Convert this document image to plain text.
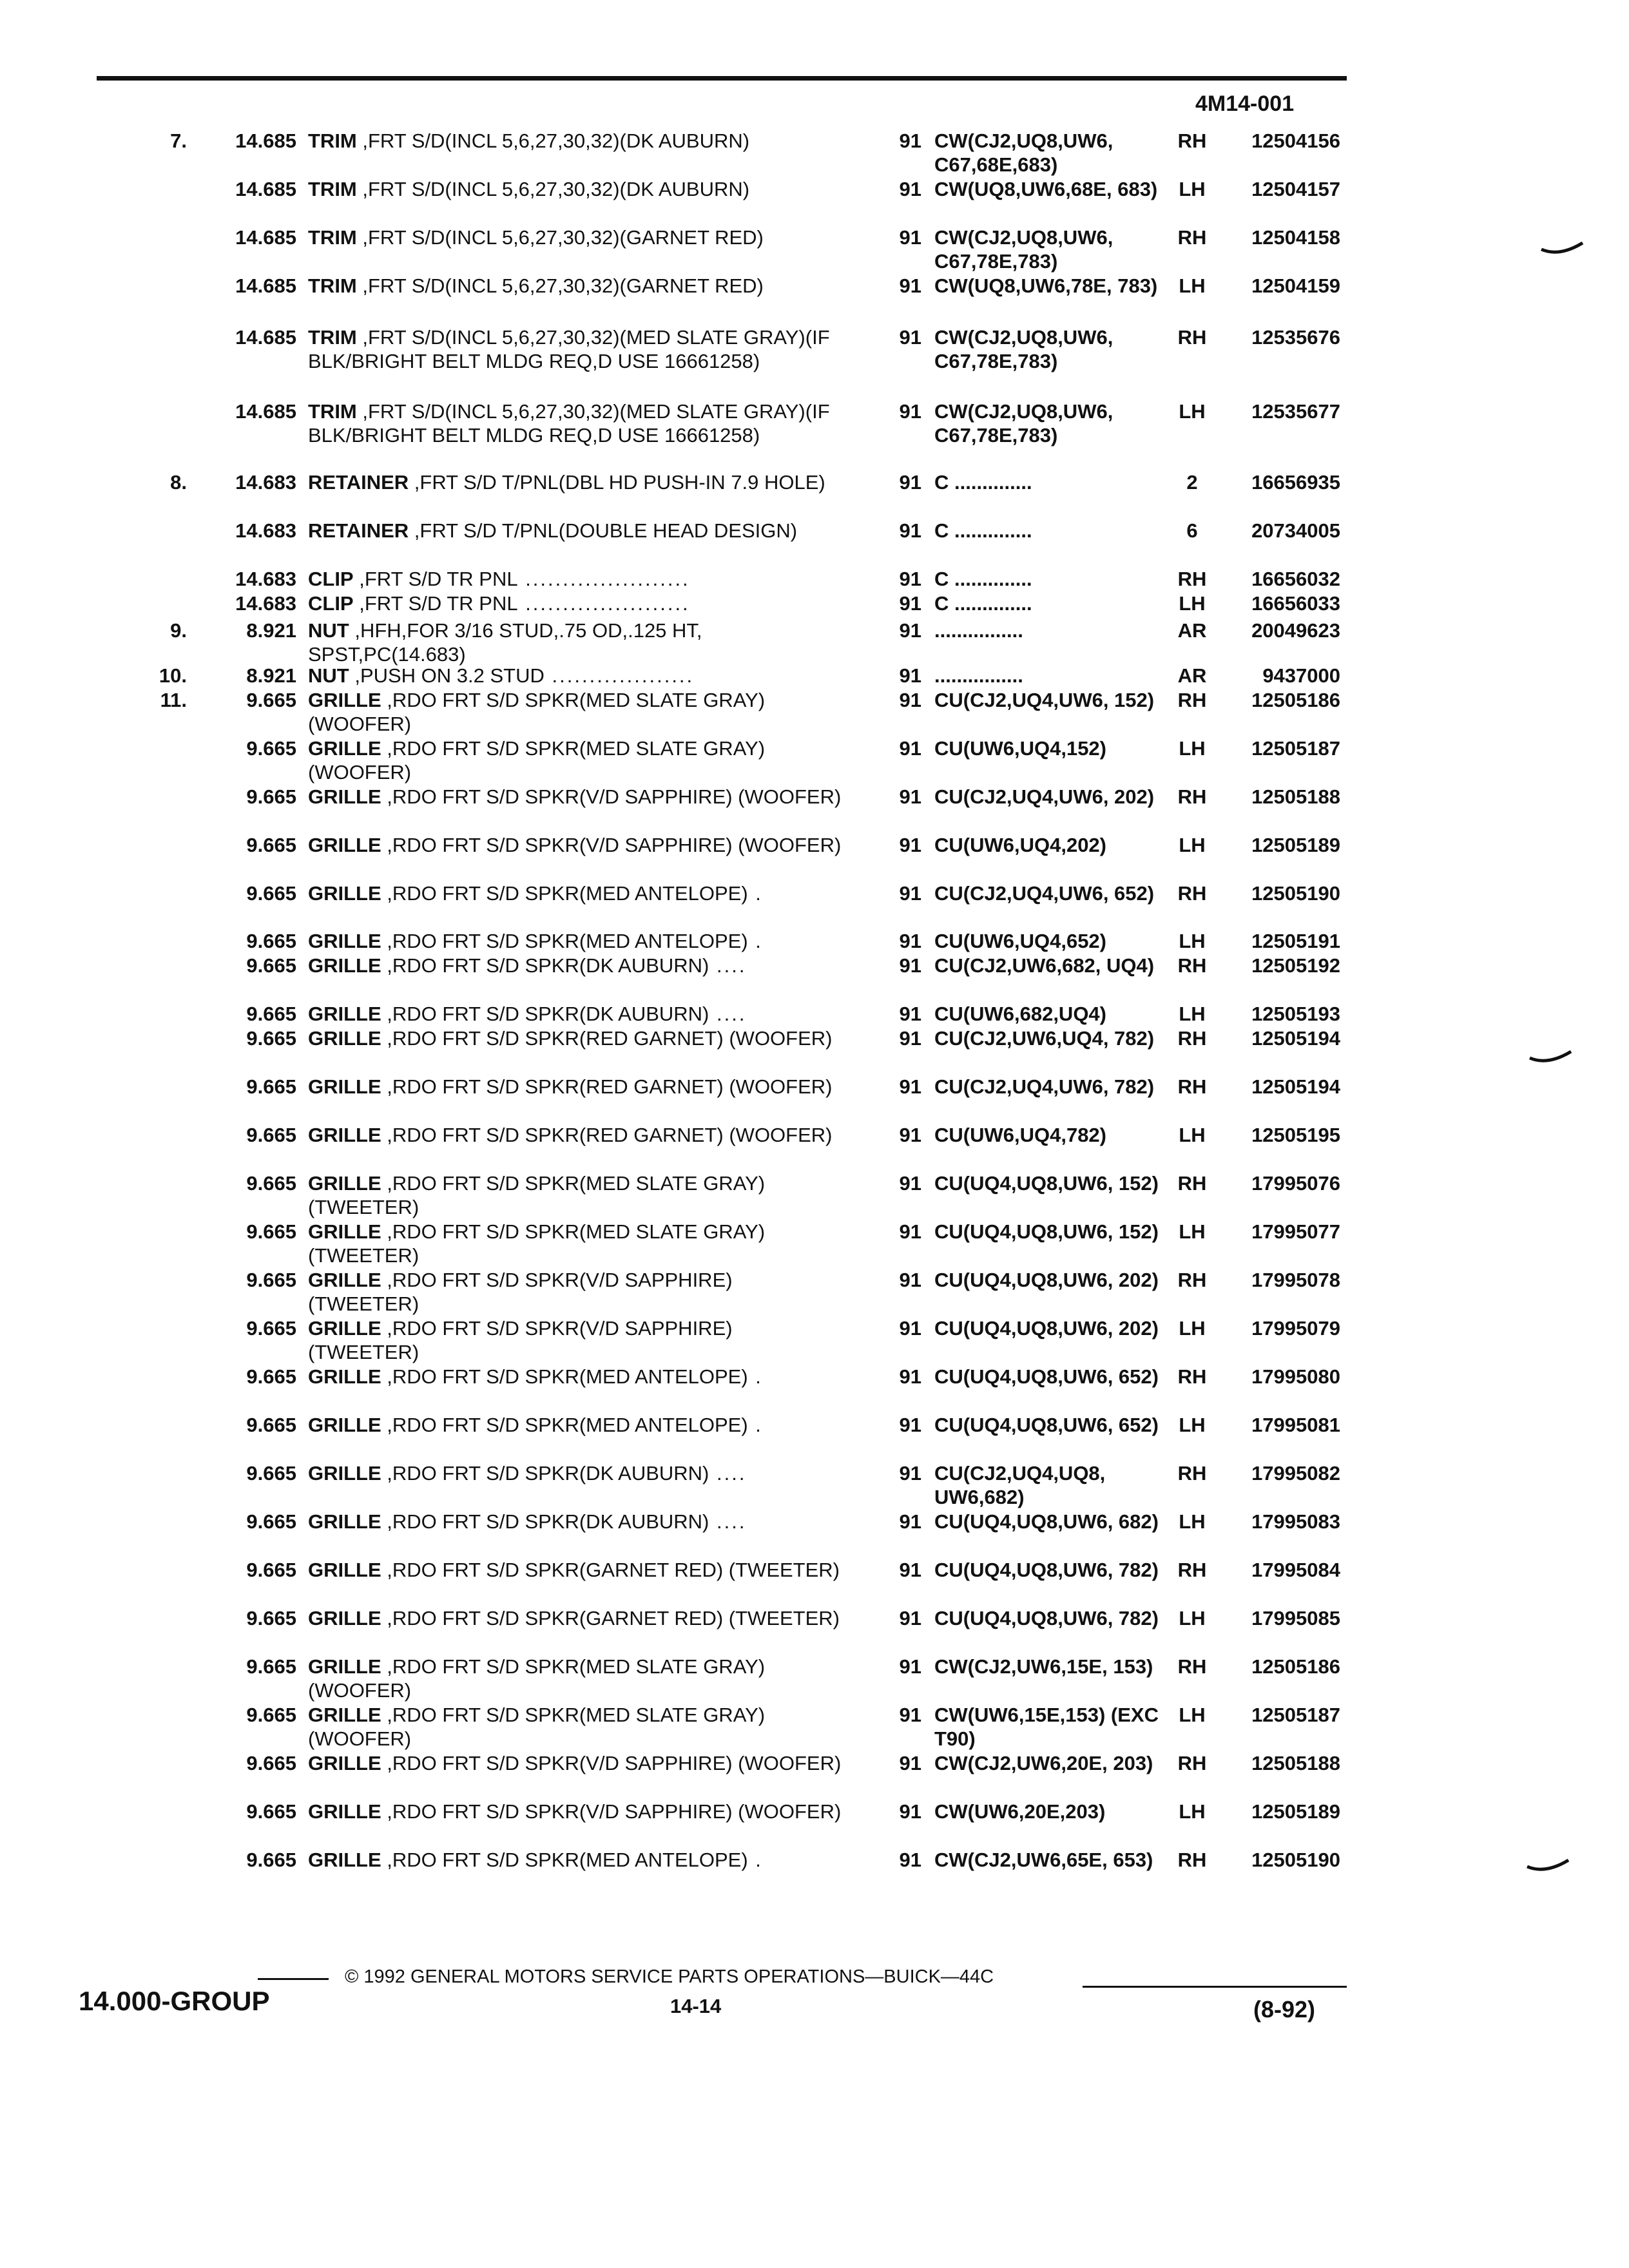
4M14-001
7.	14.685 TRIM ,FRT S/D(INCL 5,6,27,30,32)(DK AUBURN)	91 CW(CJ2,UQ8,UW6, C67,68E,683)
RH	12504156
14.685 TRIM ,FRT S/D(INCL 5,6,27,30,32)(DK AUBURN)	91 CW(UQ8,UW6,68E, 683)	LH	12504157
14.685 TRIM ,FRT S/D(INCL 5,6,27,30,32)(GARNET RED)	91 CW(CJ2,UQ8,UW6, C67,78E,783)
RH	12504158
14.685 TRIM ,FRT S/D(INCL 5,6,27,30,32)(GARNET RED)	91 CW(UQ8,UW6,78E, 783)	LH	12504159
14.685 TRIM ,FRT S/D(INCL 5,6,27,30,32)(MED SLATE GRAY)(IF BLK/BRIGHT BELT MLDG REQ,D USE 16661258)
91 CW(CJ2,UQ8,UW6, C67,78E,783)
RH	12535676
14.685 TRIM ,FRT S/D(INCL 5,6,27,30,32)(MED SLATE GRAY)(IF BLK/BRIGHT BELT MLDG REQ,D USE 16661258)
91 CW(CJ2,UQ8,UW6, C67,78E,783)
LH	12535677
8.	14.683 RETAINER ,FRT S/D T/PNL(DBL HD PUSH-IN 7.9 HOLE)	91 C ..............	2	16656935
14.683 RETAINER ,FRT S/D T/PNL(DOUBLE HEAD DESIGN)	91 C ..............	6	20734005
14.683 CLIP ,FRT S/D TR PNL ......................	91 C ..............	RH	16656032
14.683 CLIP ,FRT S/D TR PNL ......................	91 C ..............	LH	16656033
9.	8.921 NUT ,HFH,FOR 3/16 STUD,.75 OD,.125 HT, SPST,PC(14.683)
91 ................	AR	20049623
10.	8.921 NUT ,PUSH ON 3.2 STUD ...................	91 ................	AR	9437000
11.	9.665 GRILLE ,RDO FRT S/D SPKR(MED SLATE GRAY) (WOOFER)
91 CU(CJ2,UQ4,UW6, 152)	RH	12505186
9.665 GRILLE ,RDO FRT S/D SPKR(MED SLATE GRAY) (WOOFER)
91 CU(UW6,UQ4,152)	LH	12505187
9.665 GRILLE ,RDO FRT S/D SPKR(V/D SAPPHIRE) (WOOFER)	91 CU(CJ2,UQ4,UW6, 202)	RH	12505188
9.665 GRILLE ,RDO FRT S/D SPKR(V/D SAPPHIRE) (WOOFER)	91 CU(UW6,UQ4,202)	LH	12505189
9.665 GRILLE ,RDO FRT S/D SPKR(MED ANTELOPE) .	91 CU(CJ2,UQ4,UW6, 652)	RH	12505190
9.665 GRILLE ,RDO FRT S/D SPKR(MED ANTELOPE) .	91 CU(UW6,UQ4,652)	LH	12505191
9.665 GRILLE ,RDO FRT S/D SPKR(DK AUBURN) ....	91 CU(CJ2,UW6,682, UQ4)	RH	12505192
9.665 GRILLE ,RDO FRT S/D SPKR(DK AUBURN) ....	91 CU(UW6,682,UQ4)	LH	12505193
9.665 GRILLE ,RDO FRT S/D SPKR(RED GARNET) (WOOFER)	91 CU(CJ2,UW6,UQ4, 782)	RH	12505194
9.665 GRILLE ,RDO FRT S/D SPKR(RED GARNET) (WOOFER)	91 CU(CJ2,UQ4,UW6, 782)	RH	12505194
9.665 GRILLE ,RDO FRT S/D SPKR(RED GARNET) (WOOFER)	91 CU(UW6,UQ4,782)	LH	12505195
9.665 GRILLE ,RDO FRT S/D SPKR(MED SLATE GRAY) (TWEETER)
91 CU(UQ4,UQ8,UW6, 152) RH	17995076
9.665 GRILLE ,RDO FRT S/D SPKR(MED SLATE GRAY) (TWEETER)
91 CU(UQ4,UQ8,UW6, 152)	LH	17995077
9.665 GRILLE ,RDO FRT S/D SPKR(V/D SAPPHIRE) (TWEETER)
91 CU(UQ4,UQ8,UW6, 202) RH	17995078
9.665 GRILLE ,RDO FRT S/D SPKR(V/D SAPPHIRE) (TWEETER)
91 CU(UQ4,UQ8,UW6, 202)	LH	17995079
9.665 GRILLE ,RDO FRT S/D SPKR(MED ANTELOPE) .	91 CU(UQ4,UQ8,UW6, 652) RH	17995080
9.665 GRILLE ,RDO FRT S/D SPKR(MED ANTELOPE) .	91 CU(UQ4,UQ8,UW6, 652)	LH	17995081
9.665 GRILLE ,RDO FRT S/D SPKR(DK AUBURN) ....	91 CU(CJ2,UQ4,UQ8, UW6,682)
RH	17995082
9.665 GRILLE ,RDO FRT S/D SPKR(DK AUBURN) ....	91 CU(UQ4,UQ8,UW6, 682)	LH	17995083
9.665 GRILLE ,RDO FRT S/D SPKR(GARNET RED) (TWEETER)	91 CU(UQ4,UQ8,UW6, 782) RH	17995084
9.665 GRILLE ,RDO FRT S/D SPKR(GARNET RED) (TWEETER)	91 CU(UQ4,UQ8,UW6, 782)	LH	17995085
9.665 GRILLE ,RDO FRT S/D SPKR(MED SLATE GRAY) (WOOFER)
91 CW(CJ2,UW6,15E, 153)	RH	12505186
9.665 GRILLE ,RDO FRT S/D SPKR(MED SLATE GRAY) (WOOFER)
91 CW(UW6,15E,153) (EXC T90)
LH	12505187
9.665 GRILLE ,RDO FRT S/D SPKR(V/D SAPPHIRE) (WOOFER)	91 CW(CJ2,UW6,20E, 203)	RH	12505188
9.665 GRILLE ,RDO FRT S/D SPKR(V/D SAPPHIRE) (WOOFER)	91 CW(UW6,20E,203)	LH	12505189
9.665 GRILLE ,RDO FRT S/D SPKR(MED ANTELOPE) .	91 CW(CJ2,UW6,65E, 653)	RH	12505190
© 1992 GENERAL MOTORS SERVICE PARTS OPERATIONS—BUICK—44C
14.000-GROUP	14-14	(8-92)
